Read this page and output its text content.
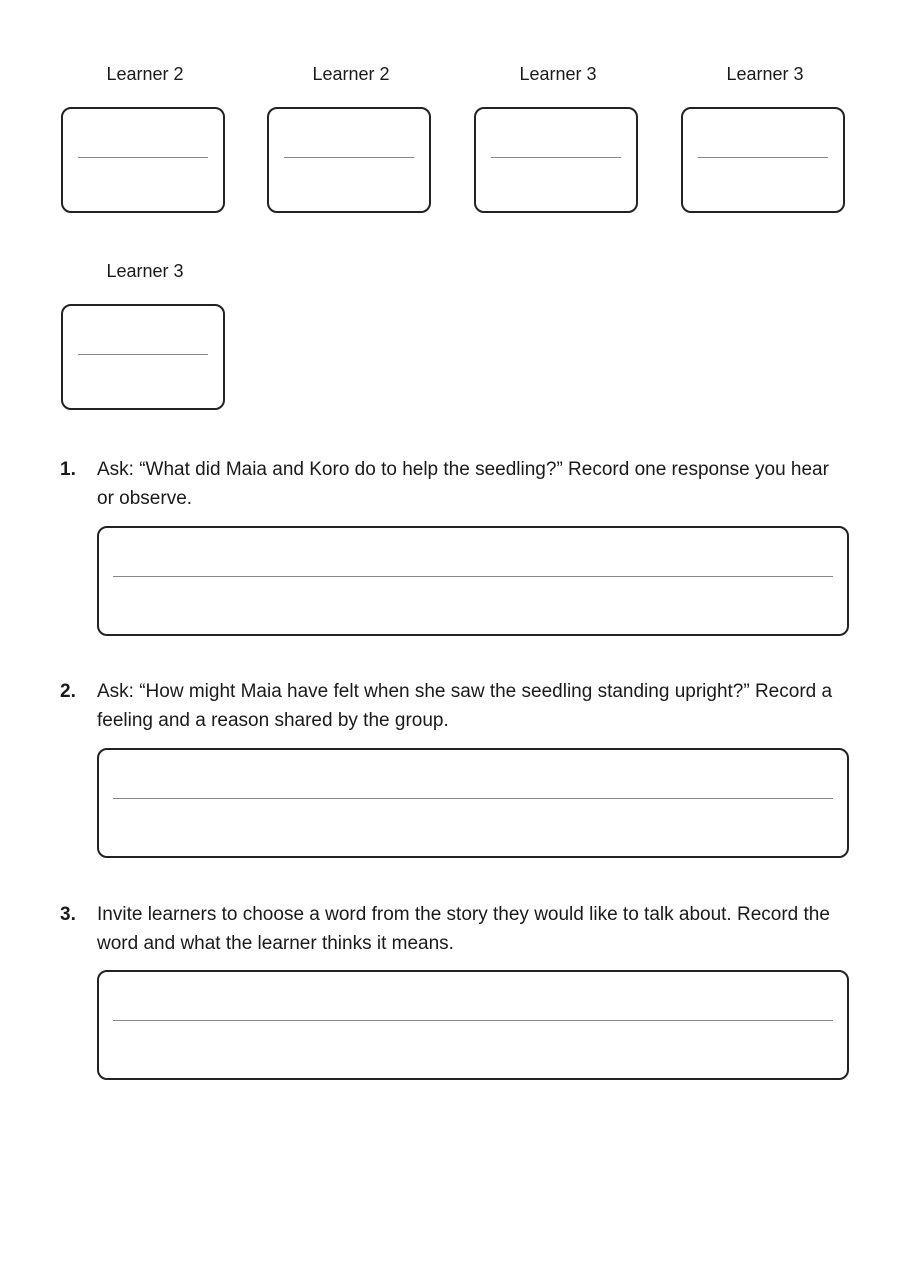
Learner 2	Learner 2	Learner 3	Learner 3
Learner 3
1. Ask: “What did Maia and Koro do to help the seedling?” Record one response you hear or observe.
2. Ask: “How might Maia have felt when she saw the seedling standing upright?” Record a feeling and a reason shared by the group.
3. Invite learners to choose a word from the story they would like to talk about. Record the word and what the learner thinks it means.
